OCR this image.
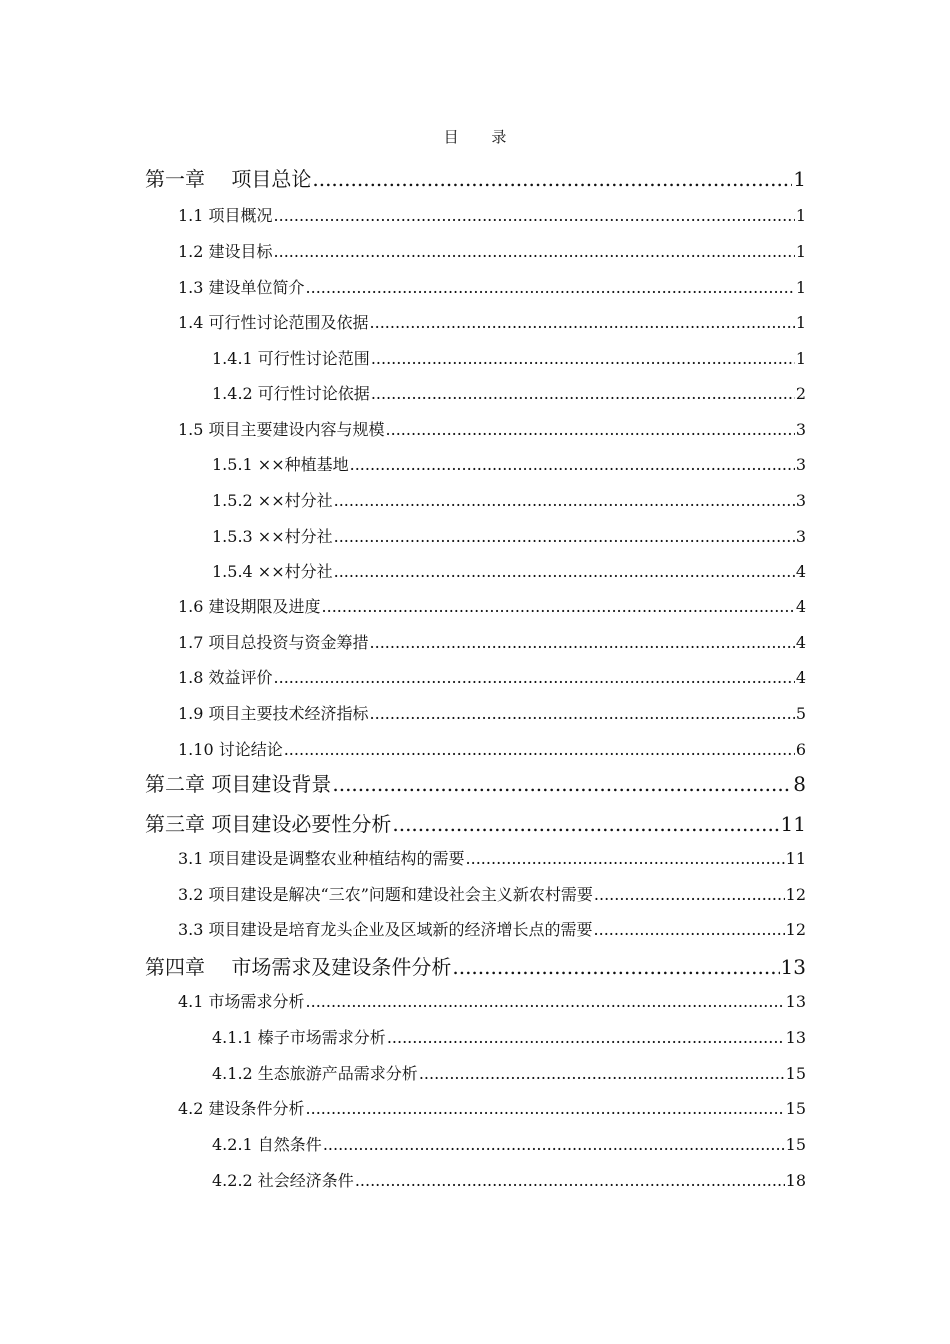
目 录
第一章　 项目总论 .....	1
1.1 项目概况 .....	1
1.2 建设目标 .....	1
1.3 建设单位简介 .....	1
1.4 可行性讨论范围及依据 .....	1
1.4.1 可行性讨论范围 .....	1
1.4.2 可行性讨论依据 .....	2
1.5 项目主要建设内容与规模 .....	3
1.5.1 ××种植基地 .....	3
1.5.2 ××村分社 .....	3
1.5.3 ××村分社 .....	3
1.5.4 ××村分社 .....	4
1.6 建设期限及进度 .....	4
1.7 项目总投资与资金筹措 .....	4
1.8 效益评价 .....	4
1.9 项目主要技术经济指标 .....	5
1.10 讨论结论 .....	6
第二章 项目建设背景 .....	8
第三章 项目建设必要性分析 .....	11
3.1 项目建设是调整农业种植结构的需要 .....	11
3.2 项目建设是解决“三农”问题和建设社会主义新农村需要 .....	12
3.3 项目建设是培育龙头企业及区域新的经济增长点的需要 .....	12
第四章　 市场需求及建设条件分析 .....	13
4.1 市场需求分析 .....	13
4.1.1 榛子市场需求分析 .....	13
4.1.2 生态旅游产品需求分析 .....	15
4.2 建设条件分析 .....	15
4.2.1 自然条件 .....	15
4.2.2 社会经济条件 .....	18
